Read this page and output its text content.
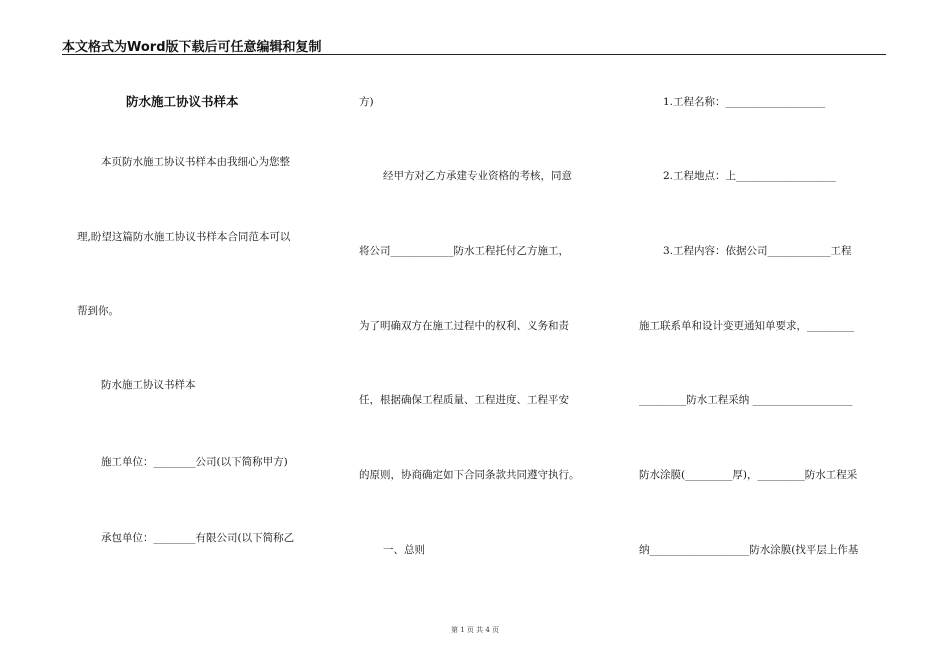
本文格式为Word版下载后可任意编辑和复制
防水施工协议书样本
本页防水施工协议书样本由我细心为您整
理,盼望这篇防水施工协议书样本合同范本可以
帮到你。
防水施工协议书样本
施工单位：________公司(以下简称甲方)
承包单位：________有限公司(以下简称乙
方)
经甲方对乙方承建专业资格的考核，同意
将公司____________防水工程托付乙方施工，
为了明确双方在施工过程中的权利、义务和责
任，根据确保工程质量、工程进度、工程平安
的原则，协商确定如下合同条款共同遵守执行。
一、总则
1.工程名称：___________________
2.工程地点：上___________________
3.工程内容：依据公司____________工程
施工联系单和设计变更通知单要求，_________
_________防水工程采纳 ___________________
防水涂膜(_________厚)，_________防水工程采
纳___________________防水涂膜(找平层上作基
第 1 页 共 4 页
